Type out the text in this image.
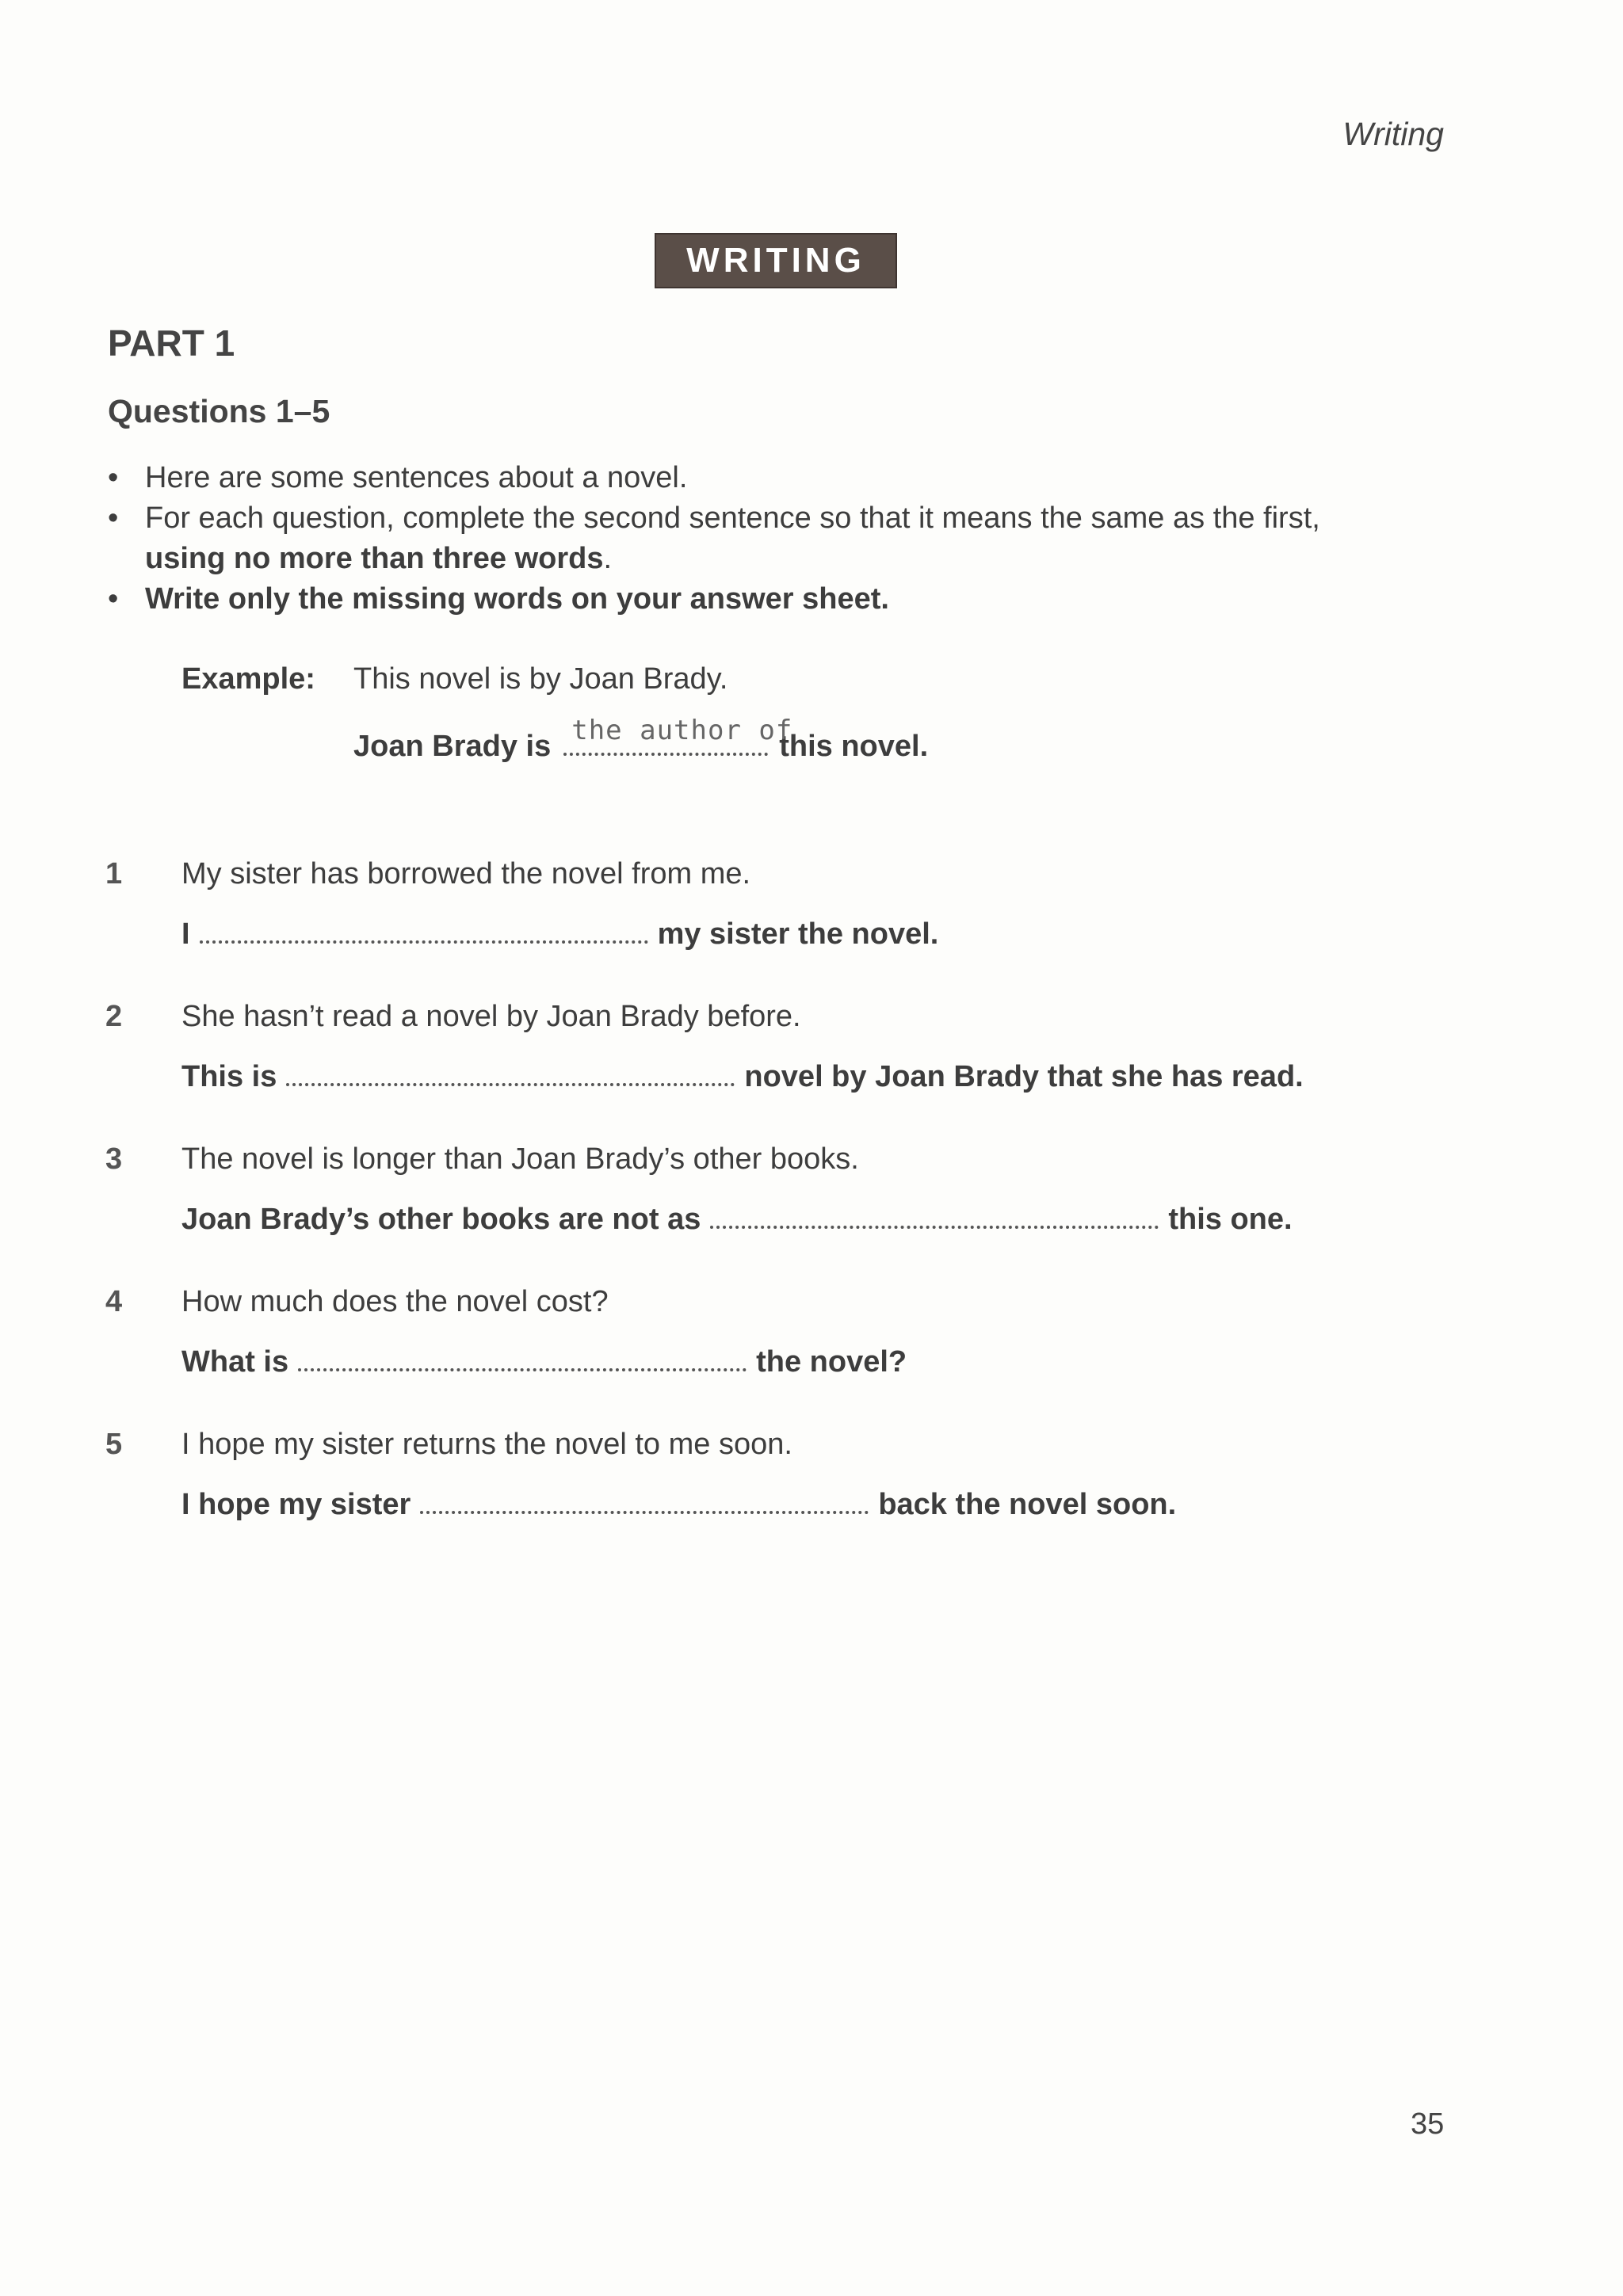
Writing
WRITING
PART 1
Questions 1–5
• Here are some sentences about a novel.
• For each question, complete the second sentence so that it means the same as the first,
using no more than three words.
• Write only the missing words on your answer sheet.
Example: This novel is by Joan Brady.
Joan Brady is the author of
this novel.
1 My sister has borrowed the novel from me.
I	my sister the novel.
2 She hasn’t read a novel by Joan Brady before.
This is	novel by Joan Brady that she has read.
3 The novel is longer than Joan Brady’s other books.
Joan Brady’s other books are not as	this one.
4 How much does the novel cost?
What is	the novel?
5 I hope my sister returns the novel to me soon.
I hope my sister	back the novel soon.
35
